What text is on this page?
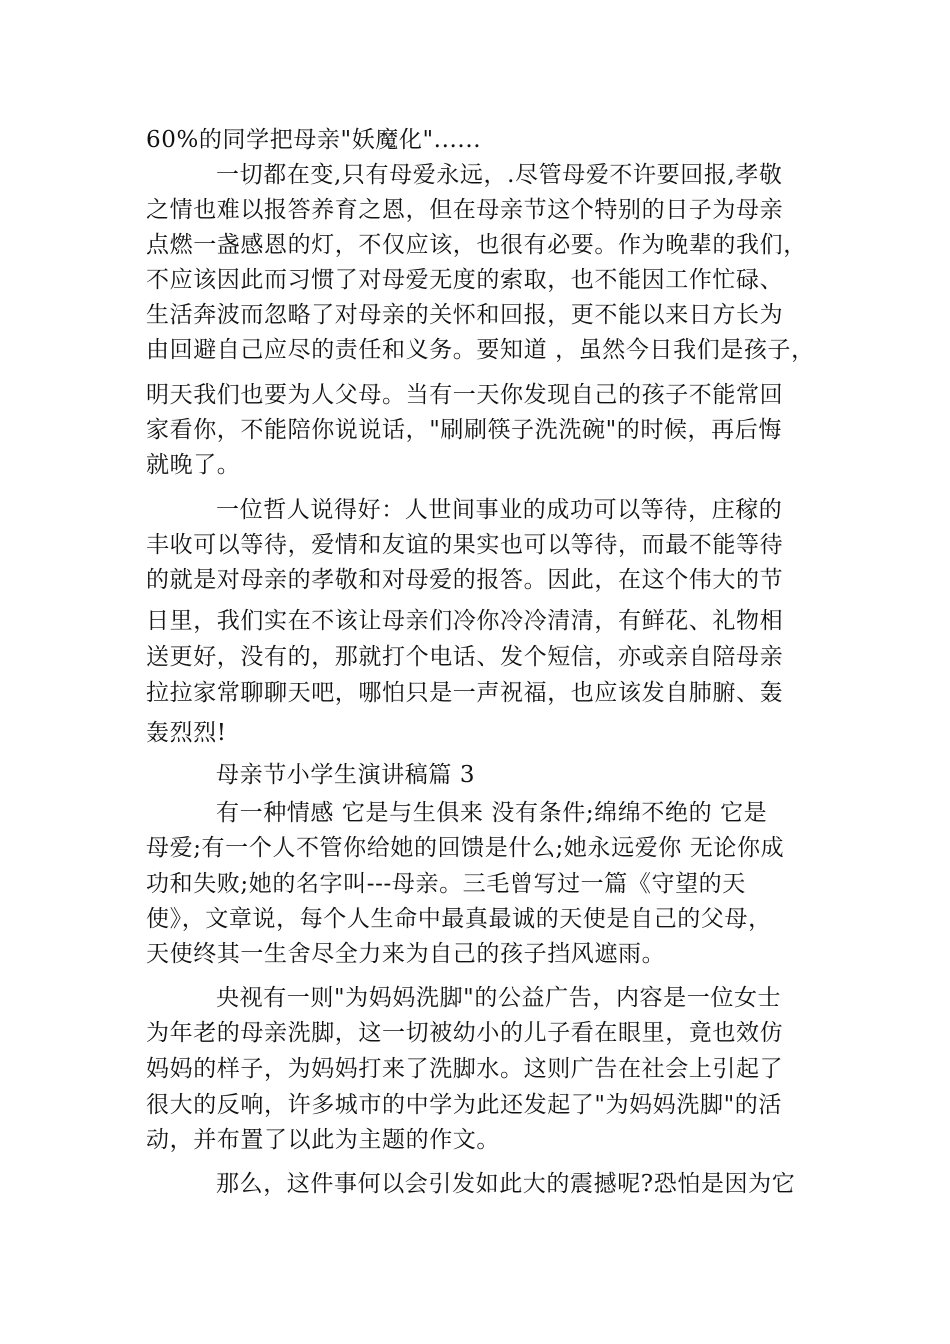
60%的同学把母亲"妖魔化"......
一切都在变,只有母爱永远，.尽管母爱不许要回报,孝敬
之情也难以报答养育之恩，但在母亲节这个特别的日子为母亲
点燃一盏感恩的灯，不仅应该，也很有必要。作为晚辈的我们，
不应该因此而习惯了对母爱无度的索取，也不能因工作忙碌、
生活奔波而忽略了对母亲的关怀和回报，更不能以来日方长为
由回避自己应尽的责任和义务。要知道 ，虽然今日我们是孩子，
明天我们也要为人父母。当有一天你发现自己的孩子不能常回
家看你，不能陪你说说话，"刷刷筷子洗洗碗"的时候，再后悔
就晚了。
一位哲人说得好：人世间事业的成功可以等待，庄稼的
丰收可以等待，爱情和友谊的果实也可以等待，而最不能等待
的就是对母亲的孝敬和对母爱的报答。因此，在这个伟大的节
日里，我们实在不该让母亲们冷你冷冷清清，有鲜花、礼物相
送更好，没有的，那就打个电话、发个短信，亦或亲自陪母亲
拉拉家常聊聊天吧，哪怕只是一声祝福，也应该发自肺腑、轰
轰烈烈!
母亲节小学生演讲稿篇 3
有一种情感 它是与生俱来 没有条件;绵绵不绝的 它是
母爱;有一个人不管你给她的回馈是什么;她永远爱你 无论你成
功和失败;她的名字叫---母亲。三毛曾写过一篇《守望的天
使》，文章说，每个人生命中最真最诚的天使是自己的父母，
天使终其一生舍尽全力来为自己的孩子挡风遮雨。
央视有一则"为妈妈洗脚"的公益广告，内容是一位女士
为年老的母亲洗脚，这一切被幼小的儿子看在眼里，竟也效仿
妈妈的样子，为妈妈打来了洗脚水。这则广告在社会上引起了
很大的反响，许多城市的中学为此还发起了"为妈妈洗脚"的活
动，并布置了以此为主题的作文。
那么，这件事何以会引发如此大的震撼呢?恐怕是因为它
